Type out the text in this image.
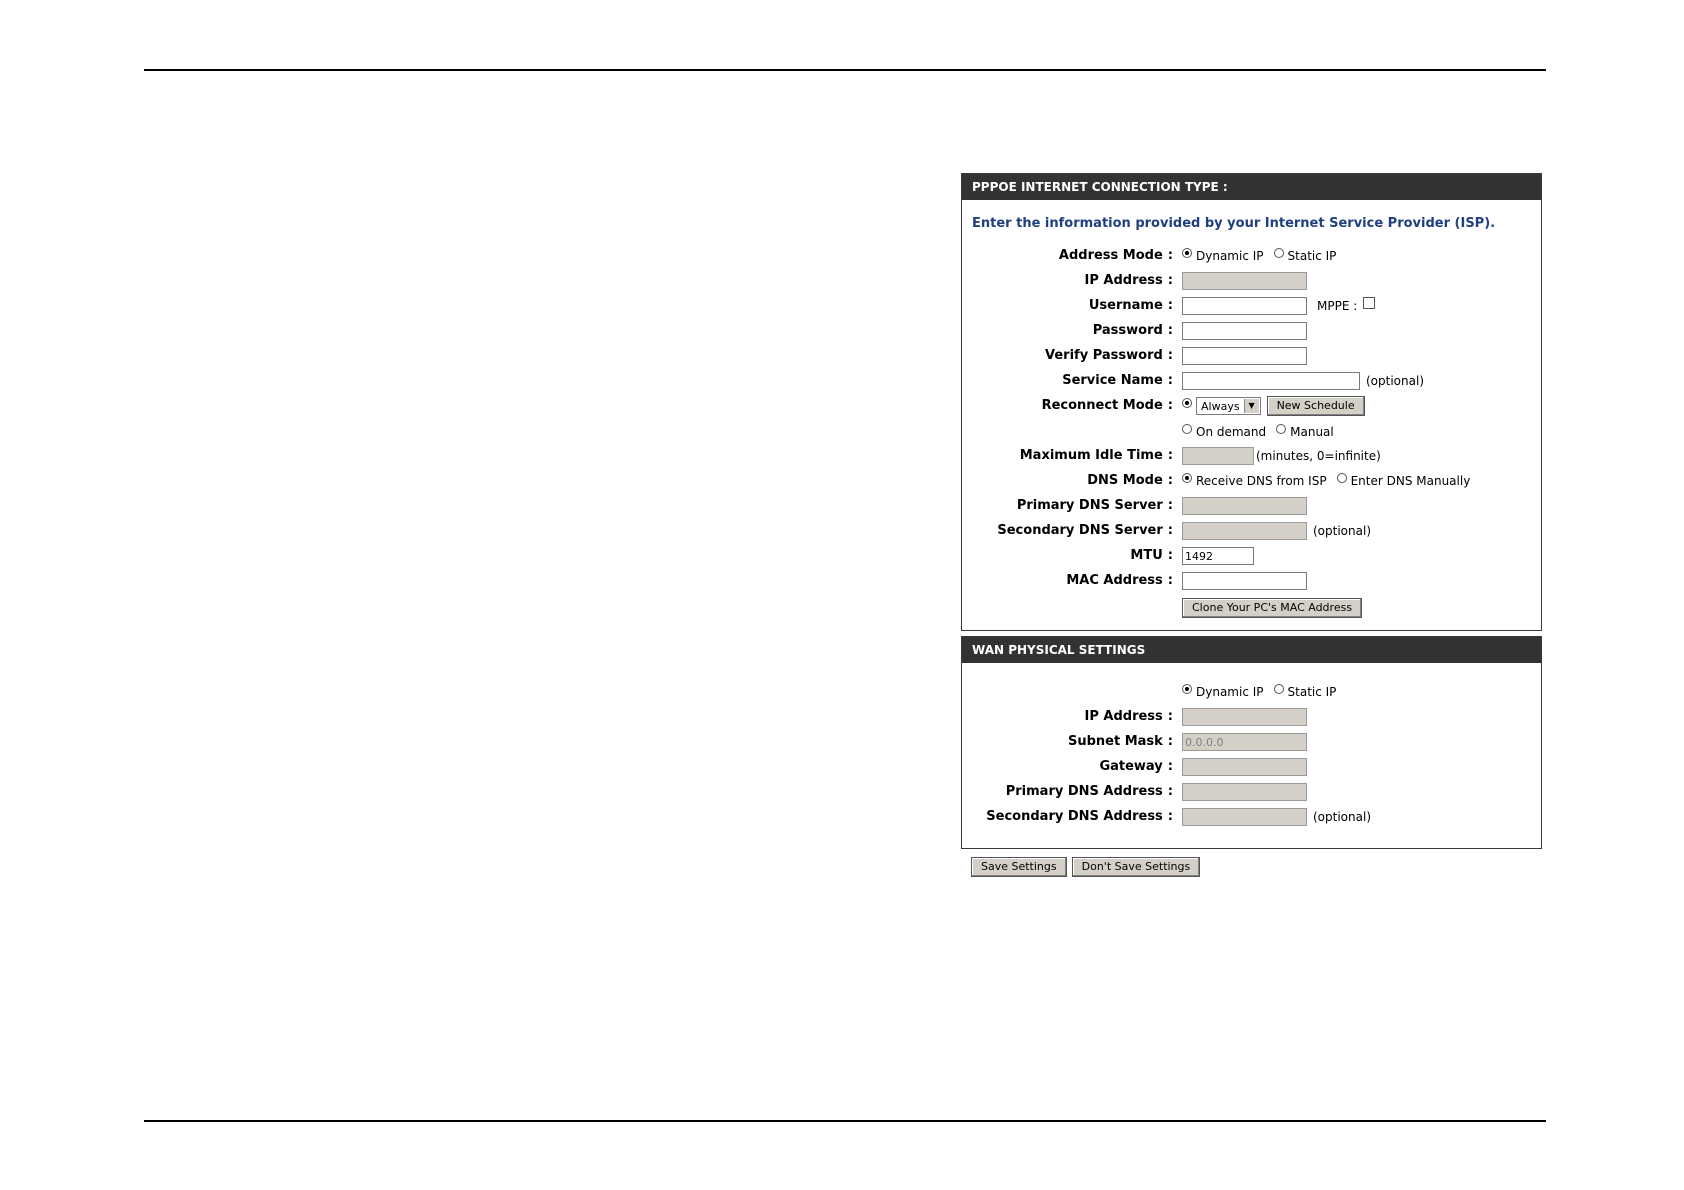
PPPOE INTERNET CONNECTION TYPE :
Enter the information provided by your Internet Service Provider (ISP).
Address Mode : Dynamic IP Static IP
IP Address :
Username :	MPPE :
Password :
Verify Password :
Service Name :	(optional)
Reconnect Mode :	Always	▼	New Schedule
On demand Manual
Maximum Idle Time :	(minutes, 0=infinite)
DNS Mode : Receive DNS from ISP Enter DNS Manually
Primary DNS Server :
Secondary DNS Server :	(optional)
MTU :
1492
MAC Address :
Clone Your PC's MAC Address
WAN PHYSICAL SETTINGS
Dynamic IP Static IP
IP Address :
Subnet Mask :
0.0.0.0
Gateway :
Primary DNS Address :
Secondary DNS Address :	(optional)
Save Settings	Don't Save Settings
